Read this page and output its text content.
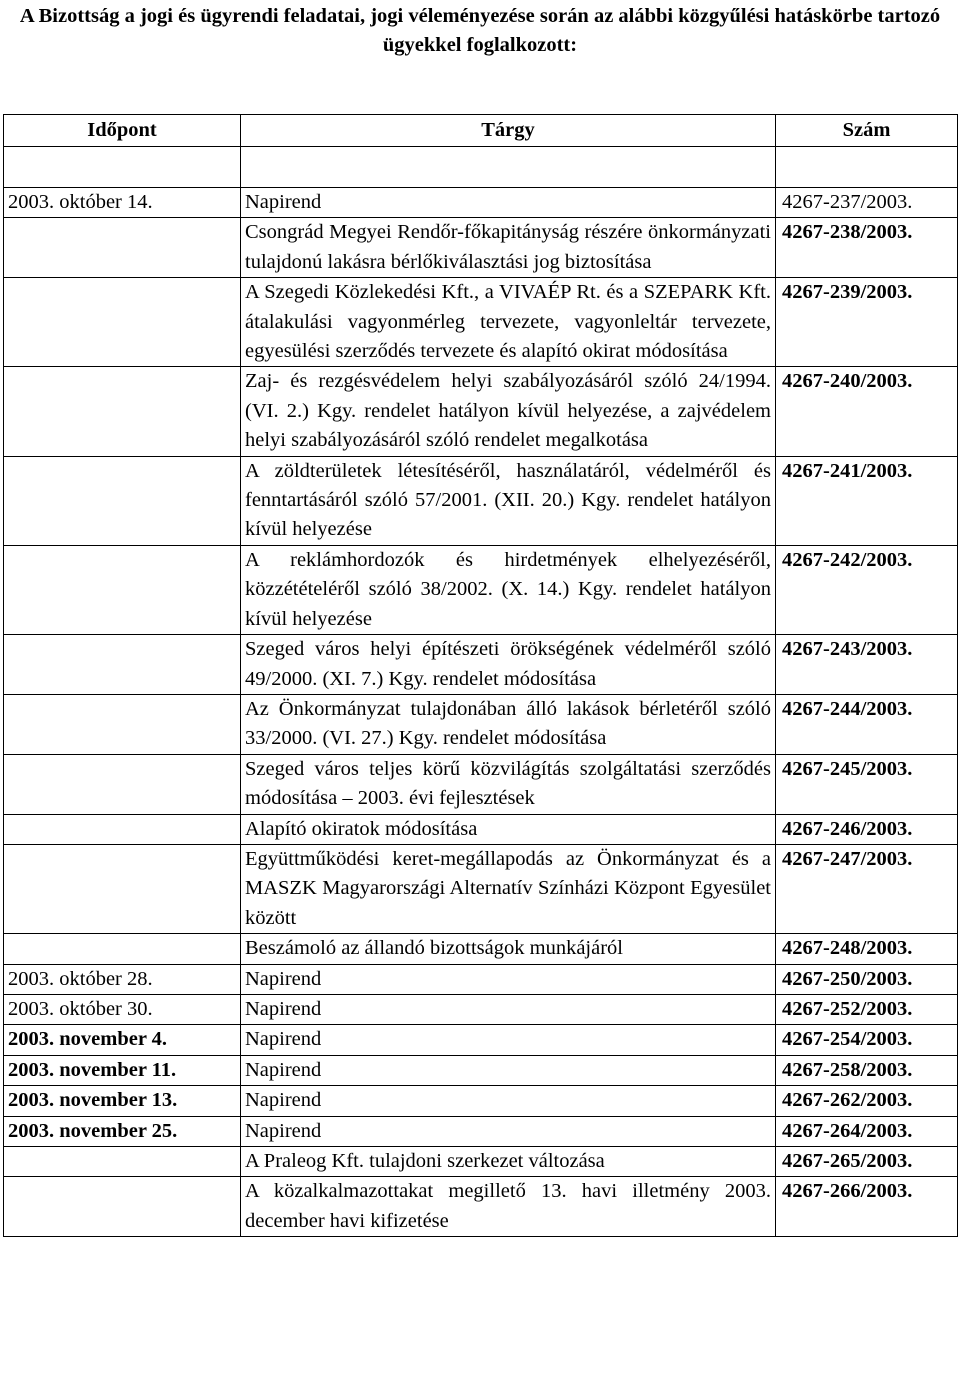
A Bizottság a jogi és ügyrendi feladatai, jogi véleményezése során az alábbi közgyűlési hatáskörbe tartozó ügyekkel foglalkozott:
Időpont	Tárgy	Szám

2003. október 14.	Napirend	4267-237/2003.
	Csongrád Megyei Rendőr-főkapitányság részére önkormányzati tulajdonú lakásra bérlőkiválasztási jog biztosítása	4267-238/2003.
	A Szegedi Közlekedési Kft., a VIVAÉP Rt. és a SZEPARK Kft. átalakulási vagyonmérleg tervezete, vagyonleltár tervezete, egyesülési szerződés tervezete és alapító okirat módosítása	4267-239/2003.
	Zaj- és rezgésvédelem helyi szabályozásáról szóló 24/1994. (VI. 2.) Kgy. rendelet hatályon kívül helyezése, a zajvédelem helyi szabályozásáról szóló rendelet megalkotása	4267-240/2003.
	A zöldterületek létesítéséről, használatáról, védelméről és fenntartásáról szóló 57/2001. (XII. 20.) Kgy. rendelet hatályon kívül helyezése	4267-241/2003.
	A reklámhordozók és hirdetmények elhelyezéséről, közzétételéről szóló 38/2002. (X. 14.) Kgy. rendelet hatályon kívül helyezése	4267-242/2003.
	Szeged város helyi építészeti örökségének védelméről szóló 49/2000. (XI. 7.) Kgy. rendelet módosítása	4267-243/2003.
	Az Önkormányzat tulajdonában álló lakások bérletéről szóló 33/2000. (VI. 27.) Kgy. rendelet módosítása	4267-244/2003.
	Szeged város teljes körű közvilágítás szolgáltatási szerződés módosítása – 2003. évi fejlesztések	4267-245/2003.
	Alapító okiratok módosítása	4267-246/2003.
	Együttműködési keret-megállapodás az Önkormányzat és a MASZK Magyarországi Alternatív Színházi Központ Egyesület között	4267-247/2003.
	Beszámoló az állandó bizottságok munkájáról	4267-248/2003.
2003. október 28.	Napirend	4267-250/2003.
2003. október 30.	Napirend	4267-252/2003.
2003. november 4.	Napirend	4267-254/2003.
2003. november 11.	Napirend	4267-258/2003.
2003. november 13.	Napirend	4267-262/2003.
2003. november 25.	Napirend	4267-264/2003.
	A Praleog Kft. tulajdoni szerkezet változása	4267-265/2003.
	A közalkalmazottakat megillető 13. havi illetmény 2003. december havi kifizetése	4267-266/2003.
